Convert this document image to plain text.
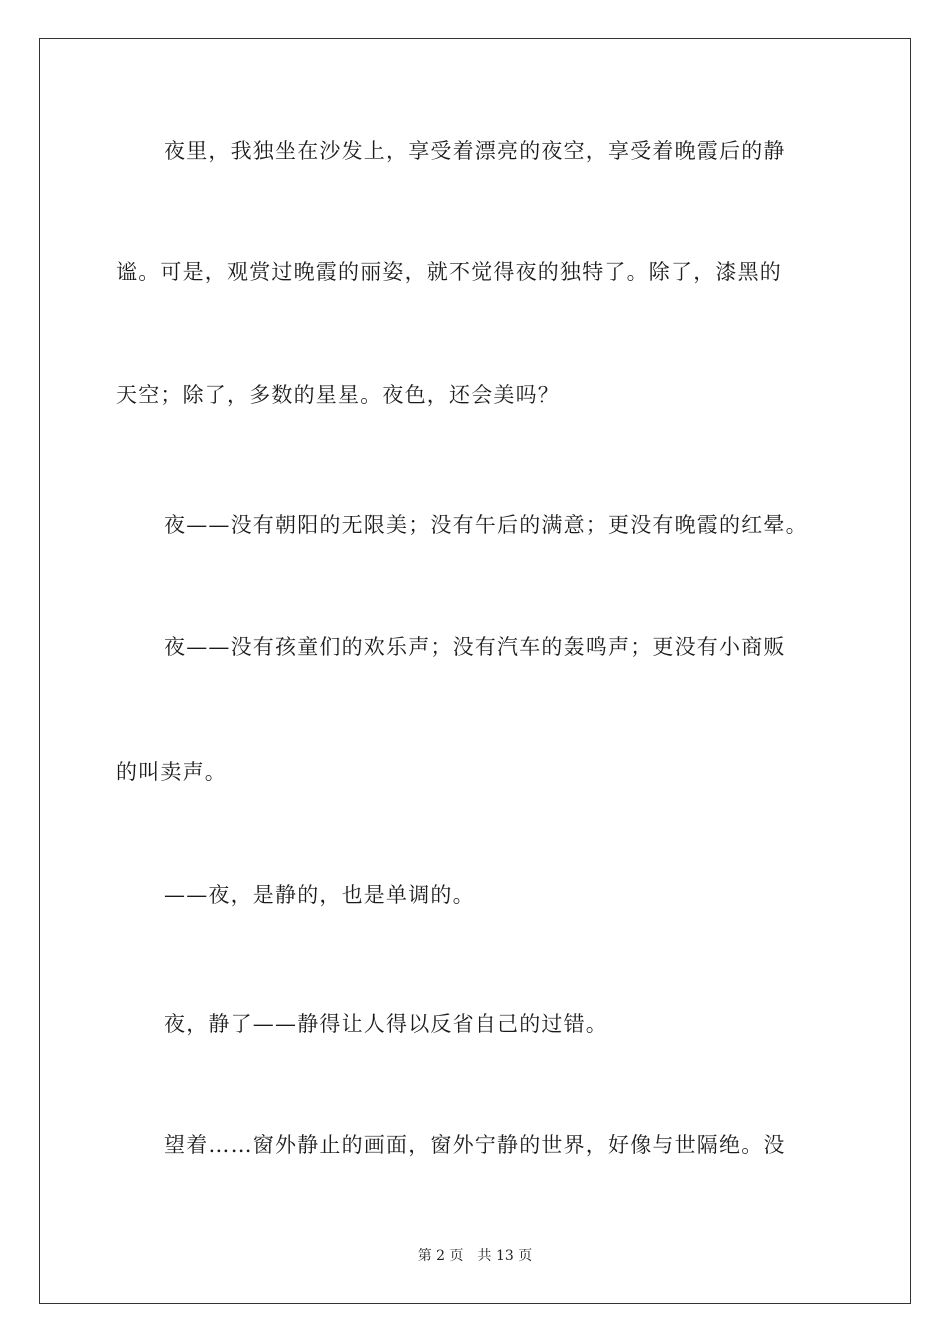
夜里，我独坐在沙发上，享受着漂亮的夜空，享受着晚霞后的静
谧。可是，观赏过晚霞的丽姿，就不觉得夜的独特了。除了，漆黑的
天空；除了，多数的星星。夜色，还会美吗？
夜——没有朝阳的无限美；没有午后的满意；更没有晚霞的红晕。
夜——没有孩童们的欢乐声；没有汽车的轰鸣声；更没有小商贩
的叫卖声。
——夜，是静的，也是单调的。
夜，静了——静得让人得以反省自己的过错。
望着……窗外静止的画面，窗外宁静的世界，好像与世隔绝。没
第 2 页 共 13 页
